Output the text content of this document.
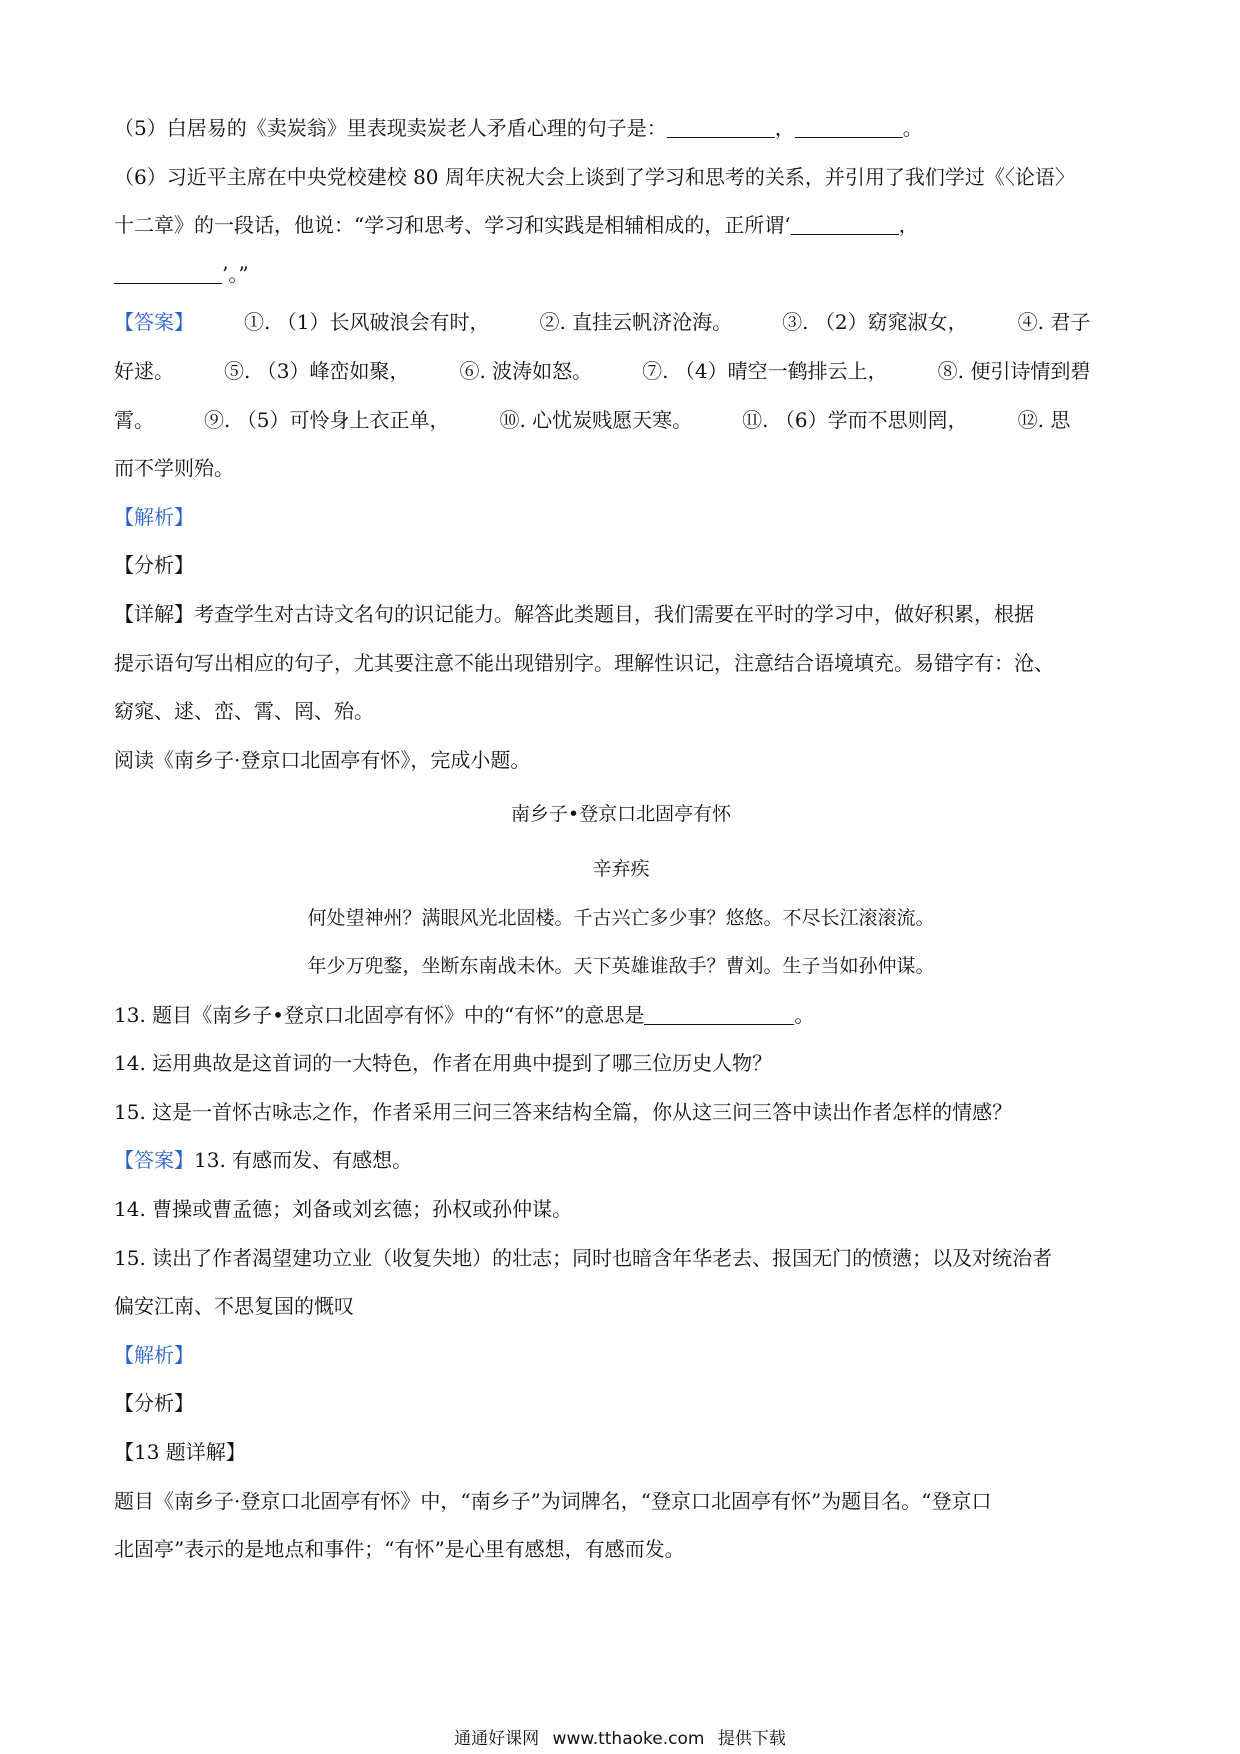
（5）白居易的《卖炭翁》里表现卖炭老人矛盾心理的句子是：	，	。
（6）习近平主席在中央党校建校 80 周年庆祝大会上谈到了学习和思考的关系，并引用了我们学过《〈论语〉
十二章》的一段话，他说：“学习和思考、学习和实践是相辅相成的，正所谓‘	，
’。”
【答案】	①. （1）长风破浪会有时，	②. 直挂云帆济沧海。	③. （2）窈窕淑女，	④. 君子
好逑。	⑤. （3）峰峦如聚，	⑥. 波涛如怒。	⑦. （4）晴空一鹤排云上，	⑧. 便引诗情到碧
霄。	⑨. （5）可怜身上衣正单，	⑩. 心忧炭贱愿天寒。	⑪. （6）学而不思则罔，	⑫. 思
而不学则殆。
【解析】
【分析】
【详解】考查学生对古诗文名句的识记能力。解答此类题目，我们需要在平时的学习中，做好积累，根据
提示语句写出相应的句子，尤其要注意不能出现错别字。理解性识记，注意结合语境填充。易错字有：沧、
窈窕、逑、峦、霄、罔、殆。
阅读《南乡子·登京口北固亭有怀》，完成小题。
南乡子•登京口北固亭有怀
辛弃疾
何处望神州？满眼风光北固楼。千古兴亡多少事？悠悠。不尽长江滚滚流。
年少万兜鍪，坐断东南战未休。天下英雄谁敌手？曹刘。生子当如孙仲谋。
13. 题目《南乡子•登京口北固亭有怀》中的“有怀”的意思是	。
14. 运用典故是这首词的一大特色，作者在用典中提到了哪三位历史人物？
15. 这是一首怀古咏志之作，作者采用三问三答来结构全篇，你从这三问三答中读出作者怎样的情感？
【答案】13. 有感而发、有感想。
14. 曹操或曹孟德；刘备或刘玄德；孙权或孙仲谋。
15. 读出了作者渴望建功立业（收复失地）的壮志；同时也暗含年华老去、报国无门的愤懑；以及对统治者
偏安江南、不思复国的慨叹
【解析】
【分析】
【13 题详解】
题目《南乡子·登京口北固亭有怀》中，“南乡子”为词牌名，“登京口北固亭有怀”为题目名。“登京口
北固亭”表示的是地点和事件；“有怀”是心里有感想，有感而发。
通通好课网 www.tthaoke.com 提供下载
